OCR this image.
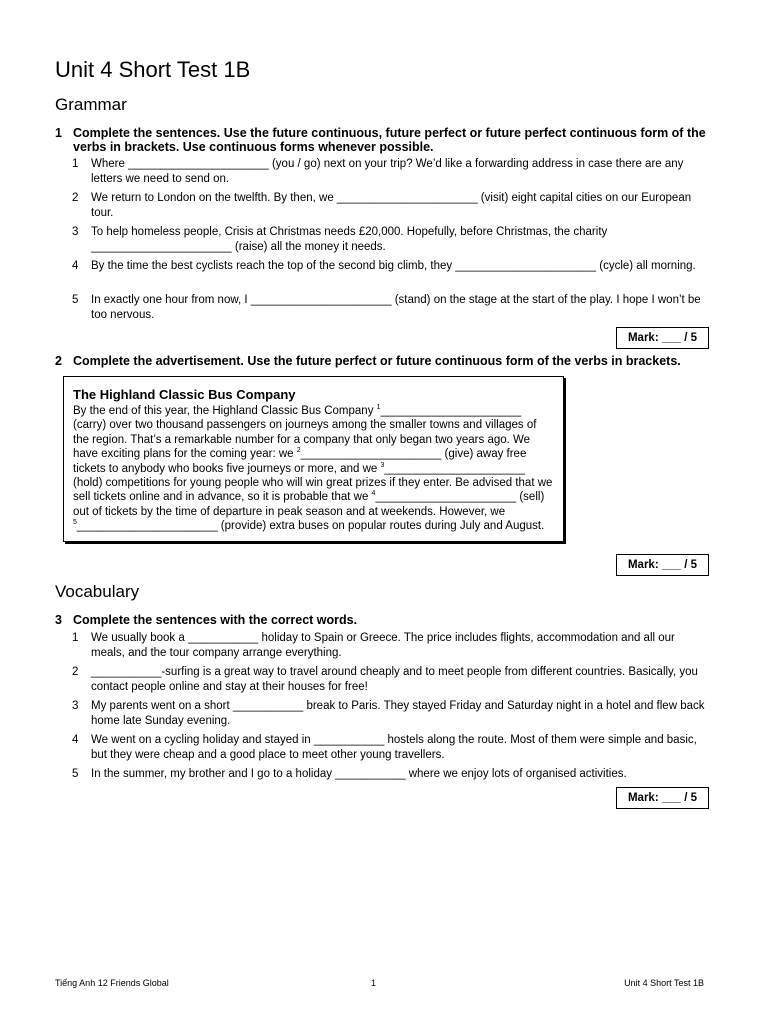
Unit 4 Short Test 1B
Grammar
1 Complete the sentences. Use the future continuous, future perfect or future perfect continuous form of the verbs in brackets. Use continuous forms whenever possible.
1 Where ______________________ (you / go) next on your trip? We’d like a forwarding address in case there are any letters we need to send on.
2 We return to London on the twelfth. By then, we ______________________ (visit) eight capital cities on our European tour.
3 To help homeless people, Crisis at Christmas needs £20,000. Hopefully, before Christmas, the charity ______________________ (raise) all the money it needs.
4 By the time the best cyclists reach the top of the second big climb, they ______________________ (cycle) all morning.
5 In exactly one hour from now, I ______________________ (stand) on the stage at the start of the play. I hope I won’t be too nervous.
Mark: ___ / 5
2 Complete the advertisement. Use the future perfect or future continuous form of the verbs in brackets.
The Highland Classic Bus Company
By the end of this year, the Highland Classic Bus Company $^1$______________________ (carry) over two thousand passengers on journeys among the smaller towns and villages of the region. That’s a remarkable number for a company that only began two years ago. We have exciting plans for the coming year: we $^2$______________________ (give) away free tickets to anybody who books five journeys or more, and we $^3$______________________ (hold) competitions for young people who will win great prizes if they enter. Be advised that we sell tickets online and in advance, so it is probable that we $^4$______________________ (sell) out of tickets by the time of departure in peak season and at weekends. However, we
$^5$______________________ (provide) extra buses on popular routes during July and August.
Mark: ___ / 5
Vocabulary
3 Complete the sentences with the correct words.
1 We usually book a ___________ holiday to Spain or Greece. The price includes flights, accommodation and all our meals, and the tour company arrange everything.
2 ___________-surfing is a great way to travel around cheaply and to meet people from different countries. Basically, you contact people online and stay at their houses for free!
3 My parents went on a short ___________ break to Paris. They stayed Friday and Saturday night in a hotel and flew back home late Sunday evening.
4 We went on a cycling holiday and stayed in ___________ hostels along the route. Most of them were simple and basic, but they were cheap and a good place to meet other young travellers.
5 In the summer, my brother and I go to a holiday ___________ where we enjoy lots of organised activities.
Mark: ___ / 5
Tiếng Anh 12 Friends Global	1	Unit 4 Short Test 1B
